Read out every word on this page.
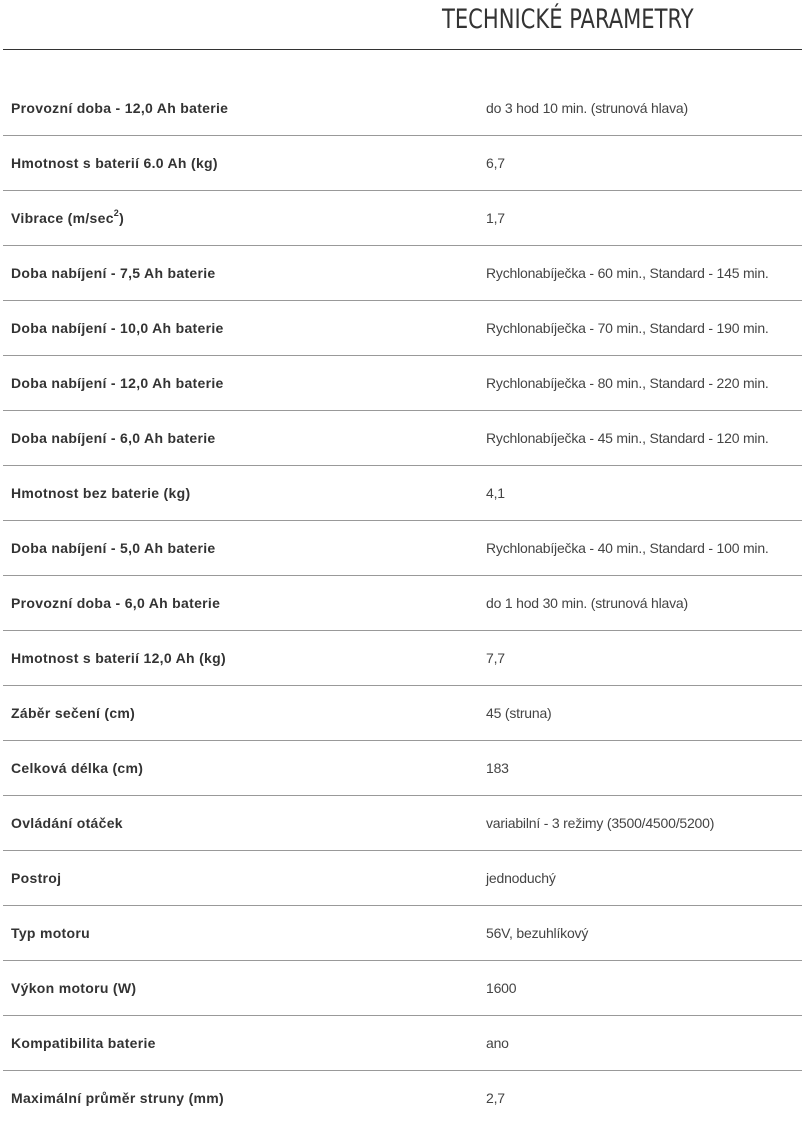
TECHNICKÉ PARAMETRY
Provozní doba - 12,0 Ah baterie	do 3 hod 10 min. (strunová hlava)
Hmotnost s baterií 6.0 Ah (kg)	6,7
Vibrace $(m/\sec^2)$	1,7
Doba nabíjení - 7,5 Ah baterie	Rychlonabíječka - 60 min., Standard - 145 min.
Doba nabíjení - 10,0 Ah baterie	Rychlonabíječka - 70 min., Standard - 190 min.
Doba nabíjení - 12,0 Ah baterie	Rychlonabíječka - 80 min., Standard - 220 min.
Doba nabíjení - 6,0 Ah baterie	Rychlonabíječka - 45 min., Standard - 120 min.
Hmotnost bez baterie (kg)	4,1
Doba nabíjení - 5,0 Ah baterie	Rychlonabíječka - 40 min., Standard - 100 min.
Provozní doba - 6,0 Ah baterie	do 1 hod 30 min. (strunová hlava)
Hmotnost s baterií 12,0 Ah (kg)	7,7
Záběr sečení (cm)	45 (struna)
Celková délka (cm)	183
Ovládání otáček	variabilní - 3 režimy (3500/4500/5200)
Postroj	jednoduchý
Typ motoru	56V, bezuhlíkový
Výkon motoru (W)	1600
Kompatibilita baterie	ano
Maximální průměr struny (mm)	2,7
